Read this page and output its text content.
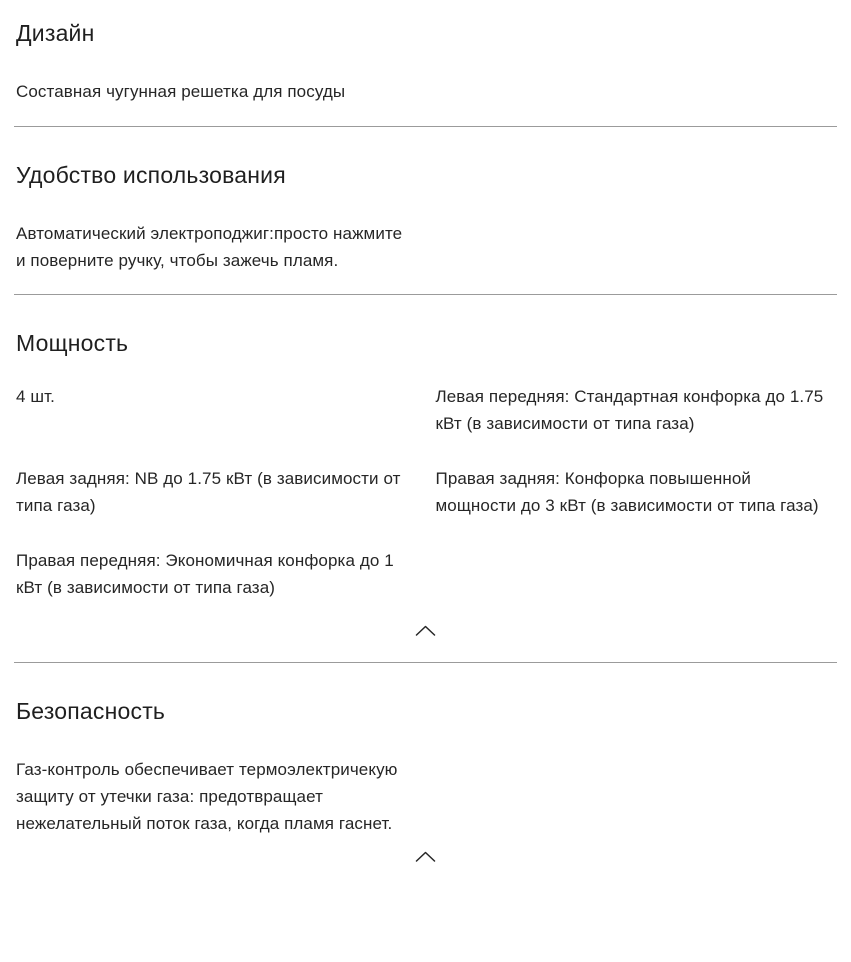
Дизайн

Составная чугунная решетка для посуды

Удобство использования

Автоматический электроподжиг:просто нажмите и поверните ручку, чтобы зажечь пламя.

Мощность

4 шт.	Левая передняя: Стандартная конфорка до 1.75 кВт (в зависимости от типа газа)

Левая задняя: NB до 1.75 кВт (в зависимости от типа газа)

Правая задняя: Конфорка повышенной мощности до 3 кВт (в зависимости от типа газа)

Правая передняя: Экономичная конфорка до 1 кВт (в зависимости от типа газа)

Безопасность

Газ-контроль обеспечивает термоэлектричекую защиту от утечки газа: предотвращает нежелательный поток газа, когда пламя гаснет.
